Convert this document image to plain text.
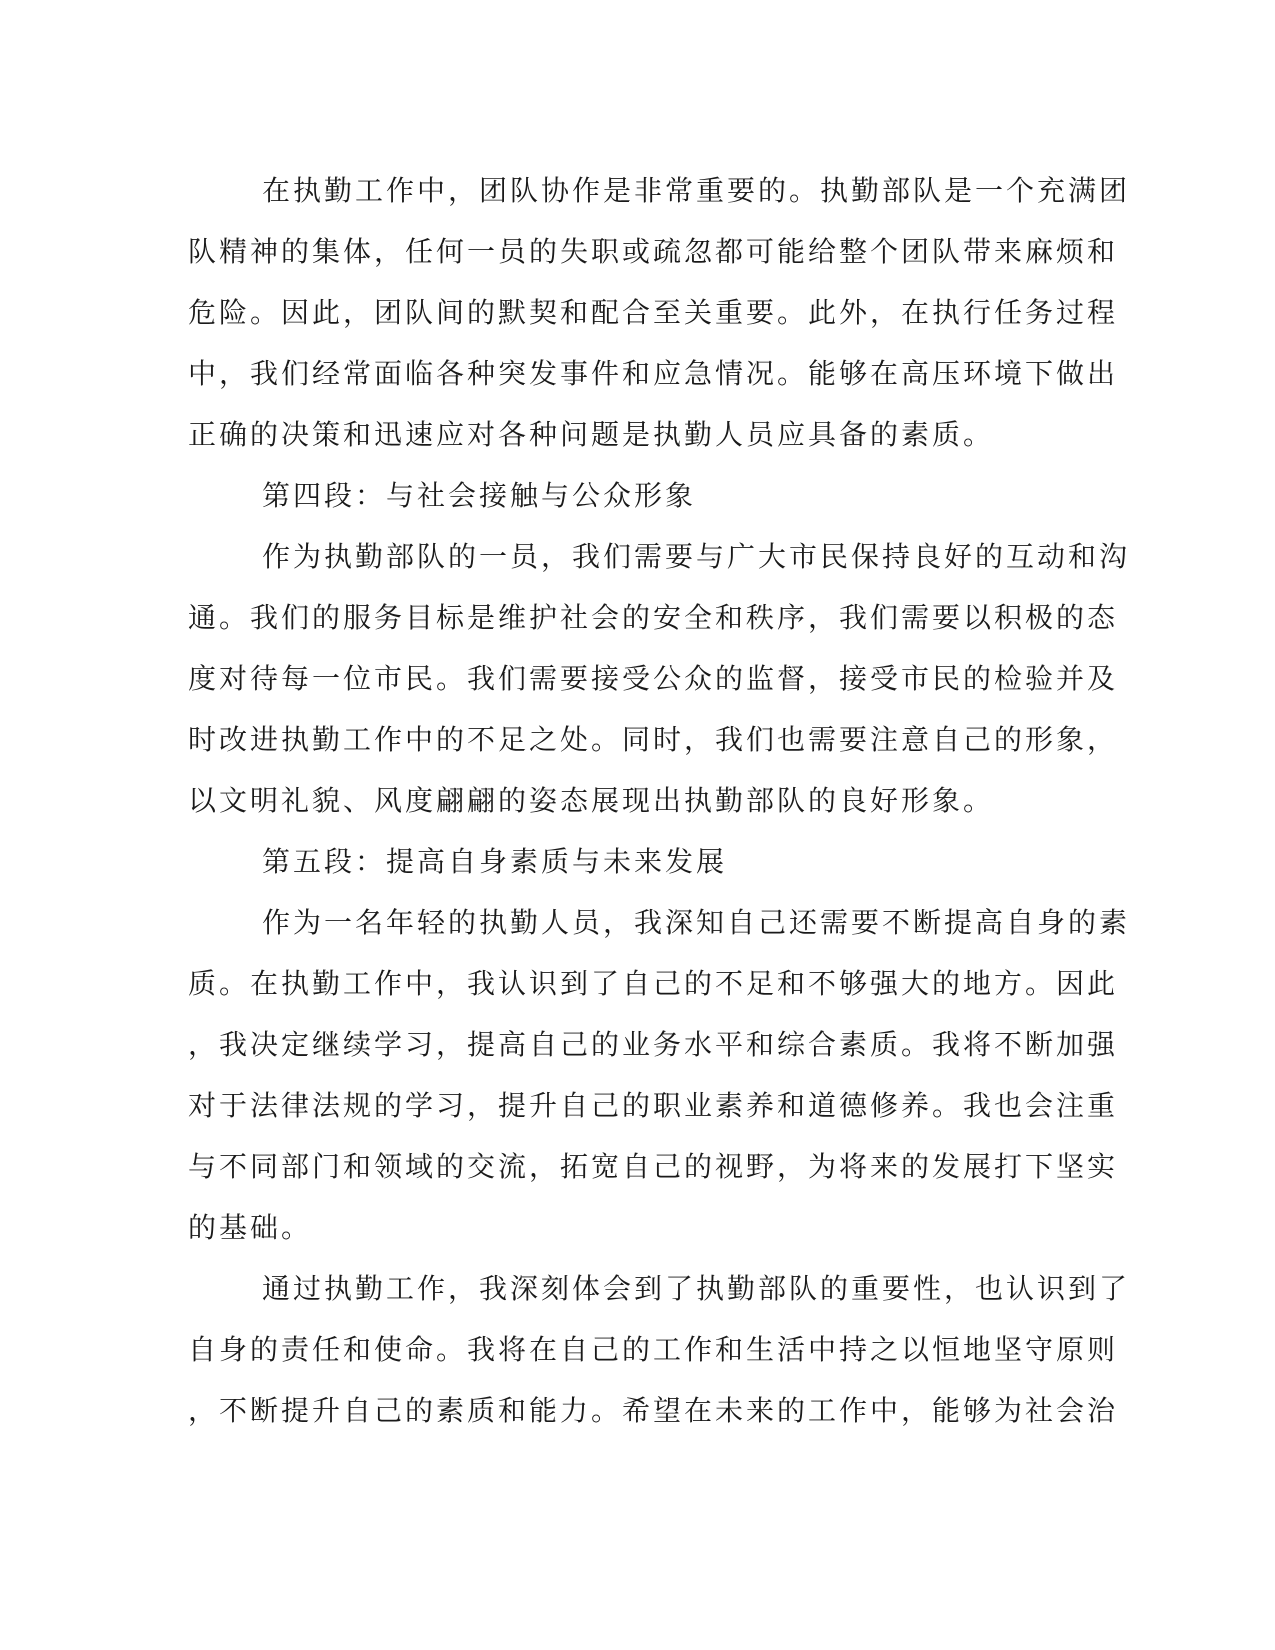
在执勤工作中，团队协作是非常重要的。执勤部队是一个充满团
队精神的集体，任何一员的失职或疏忽都可能给整个团队带来麻烦和
危险。因此，团队间的默契和配合至关重要。此外，在执行任务过程
中，我们经常面临各种突发事件和应急情况。能够在高压环境下做出
正确的决策和迅速应对各种问题是执勤人员应具备的素质。
第四段：与社会接触与公众形象
作为执勤部队的一员，我们需要与广大市民保持良好的互动和沟
通。我们的服务目标是维护社会的安全和秩序，我们需要以积极的态
度对待每一位市民。我们需要接受公众的监督，接受市民的检验并及
时改进执勤工作中的不足之处。同时，我们也需要注意自己的形象，
以文明礼貌、风度翩翩的姿态展现出执勤部队的良好形象。
第五段：提高自身素质与未来发展
作为一名年轻的执勤人员，我深知自己还需要不断提高自身的素
质。在执勤工作中，我认识到了自己的不足和不够强大的地方。因此
，我决定继续学习，提高自己的业务水平和综合素质。我将不断加强
对于法律法规的学习，提升自己的职业素养和道德修养。我也会注重
与不同部门和领域的交流，拓宽自己的视野，为将来的发展打下坚实
的基础。
通过执勤工作，我深刻体会到了执勤部队的重要性，也认识到了
自身的责任和使命。我将在自己的工作和生活中持之以恒地坚守原则
，不断提升自己的素质和能力。希望在未来的工作中，能够为社会治
